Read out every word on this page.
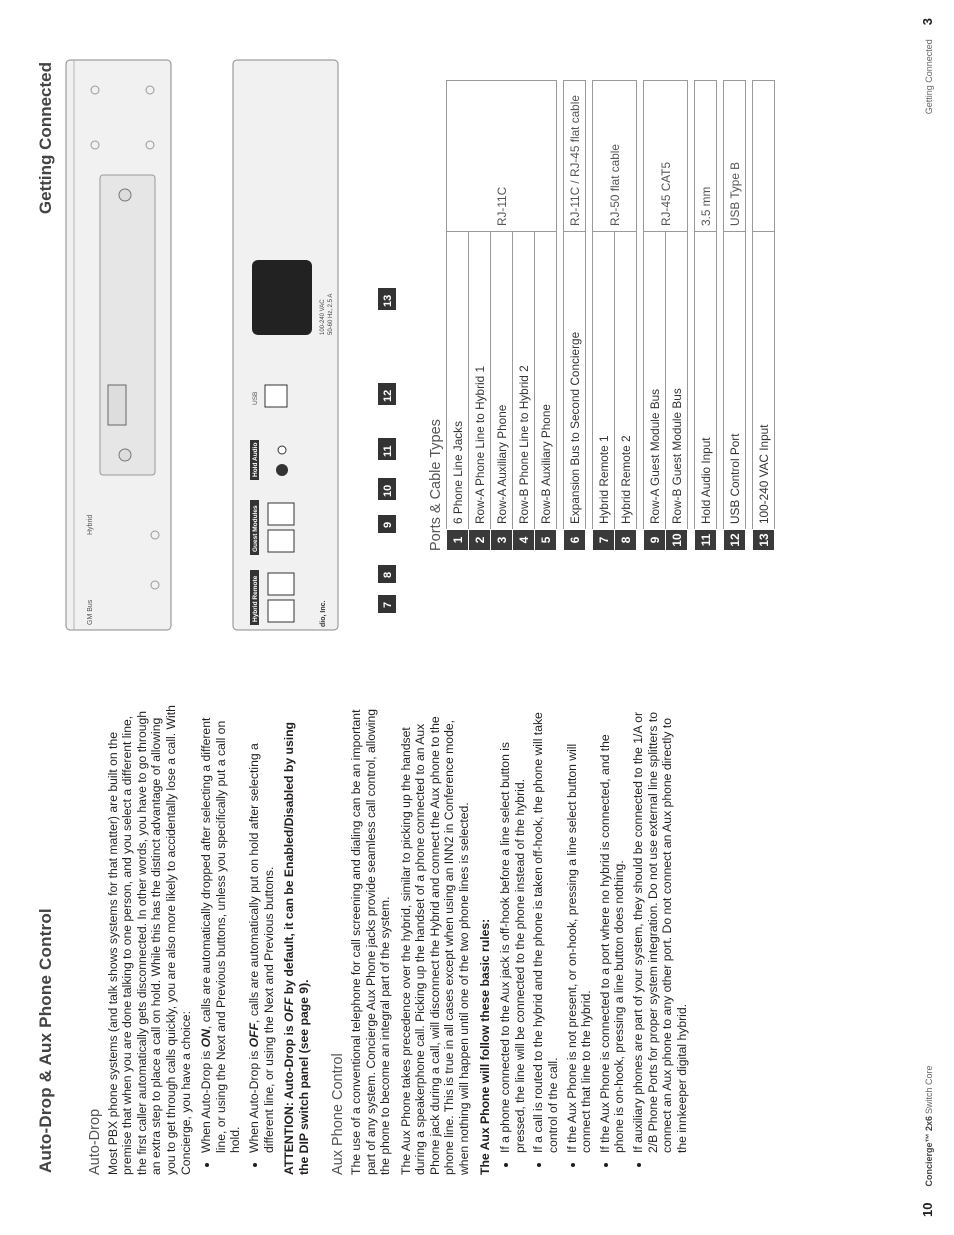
Auto-Drop & Aux Phone Control
Getting Connected
Auto-Drop Most PBX phone systems (and talk shows systems for that matter) are built on the premise that when you are done talking to one person, and you select a different line, the first caller automatically gets disconnected. In other words, you have to go through an extra step to place a call on hold. While this has the distinct advantage of allowing you to get through calls quickly, you are also more likely to accidentally lose a call. With Concierge, you have a choice: • When Auto-Drop is ON, calls are automatically dropped after selecting a different line, or using the Next and Previous buttons, unless you specifically put a call on hold. • When Auto-Drop is OFF, calls are automatically put on hold after selecting a different line, or using the Next and Previous buttons. ATTENTION: Auto-Drop is OFF by default, it can be Enabled/Disabled by using the DIP switch panel (see page 9). Aux Phone Control The use of a conventional telephone for call screening and dialing can be an important part of any system. Concierge Aux Phone jacks provide seamless call control, allowing the phone to become an integral part of the system. The Aux Phone takes precedence over the hybrid, similar to picking up the handset during a speakerphone call. Picking up the handset of a phone connected to an Aux Phone jack during a call, will disconnect the Hybrid and connect the Aux phone to the phone line. This is true in all cases except when using an INN2 in Conference mode, when nothing will happen until one of the two phone lines is selected. The Aux Phone will follow these basic rules: • If a phone connected to the Aux jack is off-hook before a line select button is pressed, the line will be connected to the phone instead of the hybrid. • If a call is routed to the hybrid and the phone is taken off-hook, the phone will take control of the call. • If the Aux Phone is not present, or on-hook, pressing a line select button will connect that line to the hybrid. • If the Aux Phone is connected to a port where no hybrid is connected, and the phone is on-hook, pressing a line button does nothing. • If auxiliary phones are part of your system, they should be connected to the 1/A or 2/B Phone Ports for proper system integration. Do not use external line splitters to connect an Aux phone to any other port. Do not connect an Aux phone directly to the innkeeper digital hybrid.
GM Bus
Hybrid
dio, Inc.
Hybrid Remote
Guest Modules
Hold Audio
USB
100-240 VAC 50-60 Hz, 2.5 A
7
8
9
10
11
12
13
Ports & Cable Types 1	6 Phone Line Jacks	RJ-11C
2	Row-A Phone Line to Hybrid 1	
3	Row-A Auxiliary Phone	
4	Row-B Phone Line to Hybrid 2	
5	Row-B Auxiliary Phone	

6	Expansion Bus to Second Concierge	RJ-11C / RJ-45 flat cable

7	Hybrid Remote 1	RJ-50 flat cable
8	Hybrid Remote 2	

9	Row-A Guest Module Bus	RJ-45 CAT5
10	Row-B Guest Module Bus	

11	Hold Audio Input	3.5 mm

12	USB Control Port	USB Type B

13	100-240 VAC Input	
10
Concierge™ 2x6Switch Core
Getting Connected
3
